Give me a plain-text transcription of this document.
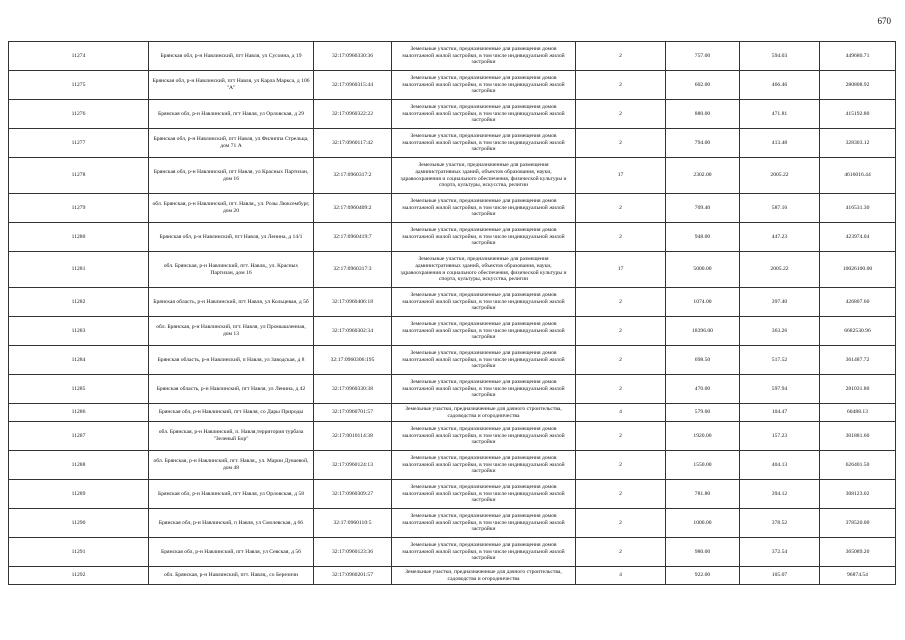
670
11274	Брянская обл, р-н Навлинский, пгт Навля, ул Сусоина, д 19	32:17:0960330:36	Земельные участки, предназначенные для размещения домов малоэтажной жилой застройки, в том числе индивидуальной жилой застройки	2	757.00	594.03	449680.71
11275	Брянская обл, р-н Навлинский, пгт Навля, ул Карла Маркса, д 106 "А"	32:17:0960315:44	Земельные участки, предназначенные для размещения домов малоэтажной жилой застройки, в том числе индивидуальной жилой застройки	2	602.00	466.46	280808.92
11276	Брянская обл, р-н Навлинский, пгт Навля, ул Орловская, д 29	32:17:0960322:22	Земельные участки, предназначенные для размещения домов малоэтажной жилой застройки, в том числе индивидуальной жилой застройки	2	880.00	471.81	415192.80
11277	Брянская обл, р-н Навлинский, пгт Навля, ул Филиппа Стрельца, дом 71 А	32:17:0960117:42	Земельные участки, предназначенные для размещения домов малоэтажной жилой застройки, в том числе индивидуальной жилой застройки	2	794.00	413.48	328303.12
11278	Брянская обл, р-н Навлинский, пгт Навля, ул Красных Партизан, дом 16	32:17:0960317:2	Земельные участки, предназначенные для размещения административных зданий, объектов образования, науки, здравоохранения и социального обеспечения, физической культуры и спорта, культуры, искусства, религии	17	2302.00	2005.22	4616016.44
11279	обл. Брянская, р-н Навлинский, пгт. Навля,, ул. Розы Люксембург, дом 20	32:17:0960409:2	Земельные участки, предназначенные для размещения домов малоэтажной жилой застройки, в том числе индивидуальной жилой застройки	2	709.40	587.16	416531.30
11280	Брянская обл, р-н Навлинский, пгт Навля, ул Ленина, д 14/1	32:17:0960419:7	Земельные участки, предназначенные для размещения домов малоэтажной жилой застройки, в том числе индивидуальной жилой застройки	2	948.00	447.23	423974.04
11281	обл. Брянская, р-н Навлинский, пгт. Навля,, ул. Красных Партизан, дом 16	32:17:0960317:3	Земельные участки, предназначенные для размещения административных зданий, объектов образования, науки, здравоохранения и социального обеспечения, физической культуры и спорта, культуры, искусства, религии	17	5000.00	2005.22	10026100.00
11282	Брянская область, р-н Навлинский, пгт Навля, ул Кольцевая, д 5б	32:17:0960406:18	Земельные участки, предназначенные для размещения домов малоэтажной жилой застройки, в том числе индивидуальной жилой застройки	2	1074.00	397.40	426807.60
11283	обл. Брянская, р-н Навлинский, пгт. Навля, ул Промышленная, дом 13	32:17:0960302:34	Земельные участки, предназначенные для размещения домов малоэтажной жилой застройки, в том числе индивидуальной жилой застройки	2	18396.00	363.26	6682530.96
11284	Брянская область, р-н Навлинский, п Навля, ул Заводская, д 8	32:17:0960306:195	Земельные участки, предназначенные для размещения домов малоэтажной жилой застройки, в том числе индивидуальной жилой застройки	2	698.50	517.52	361487.72
11285	Брянская область, р-н Навлинский, пгт Навля, ул Ленина, д 42	32:17:0960330:38	Земельные участки, предназначенные для размещения домов малоэтажной жилой застройки, в том числе индивидуальной жилой застройки	2	470.00	597.94	281031.80
11286	Брянская обл, р-н Навлинский, пгт Навля, со Дары Природы	32:17:0960701:57	Земельные участки, предназначенные для дачного строительства, садоводства и огородничества	4	579.00	104.47	60488.13
11287	обл. Брянская, р-н Навлинский, п. Навля,территория турбаза "Зеленый Бор"	32:17:0010114:38	Земельные участки, предназначенные для размещения домов малоэтажной жилой застройки, в том числе индивидуальной жилой застройки	2	1920.00	157.23	301881.60
11288	обл. Брянская, р-н Навлинский, пгт. Навля,, ул. Марии Дуваевой, дом 48	32:17:0960124:13	Земельные участки, предназначенные для размещения домов малоэтажной жилой застройки, в том числе индивидуальной жилой застройки	2	1550.00	404.13	626401.50
11289	Брянская обл, р-н Навлинский, пгт Навля, ул Орловская, д 58	32:17:0960309:27	Земельные участки, предназначенные для размещения домов малоэтажной жилой застройки, в том числе индивидуальной жилой застройки	2	781.80	394.12	308123.02
11290	Брянская обл, р-н Навлинский, п Навля, ул Смолевская, д 66	32:17:0960110:5	Земельные участки, предназначенные для размещения домов малоэтажной жилой застройки, в том числе индивидуальной жилой застройки	2	1000.00	378.52	378520.00
11291	Брянская обл, р-н Навлинский, пгт Навля, ул Севская, д 56	32:17:0960123:36	Земельные участки, предназначенные для размещения домов малоэтажной жилой застройки, в том числе индивидуальной жилой застройки	2	980.00	372.54	365089.20
11292	обл. Брянская, р-н Навлинский, пгт. Навля,, со Березичи	32:17:0960201:57	Земельные участки, предназначенные для дачного строительства, садоводства и огородничества	4	922.00	105.07	96874.54
